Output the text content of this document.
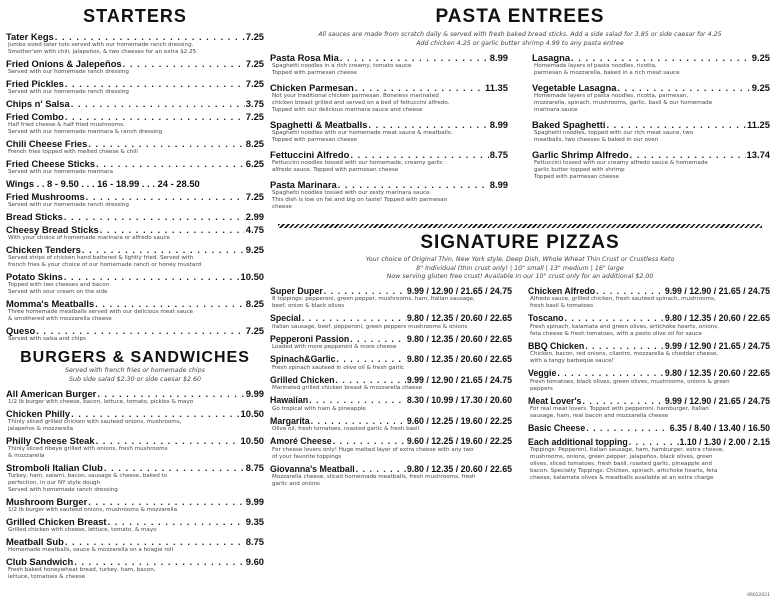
STARTERS
Tater Kegs . . .	7.25
Jumbo sized tater tots served with our homemade ranch dressing.
Smother'em with chili, jalapeños, & two cheeses for an extra $2.25
Fried Onions & Jalepeños . . .	7.25
Served with our homemade ranch dressing
Fried Pickles . . .	7.25
Served with our homemade ranch dressing
Chips n' Salsa . . .	3.75
Fried Combo . . .	7.25
Half fried cheese & half fried mushrooms.
Served with our homemade marinara & ranch dressing
Chili Cheese Fries . . .	8.25
French fries topped with melted cheese & chili
Fried Cheese Sticks . . .	6.25
Served with our homemade marinara
Wings . . 8 - 9.50 . . . 16 - 18.99 . . . 24 - 28.50
Fried Mushrooms . . .	7.25
Served with our homemade ranch dressing
Bread Sticks . . .	2.99
Cheesy Bread Sticks . . .	4.75
With your choice of homemade marinara or alfredo sauce
Chicken Tenders . . .	9.25
Served strips of chicken hand battered & lightly fried. Served with
french fries & your choice of our homemade ranch or honey mustard
Potato Skins . . .	10.50
Topped with two cheeses and bacon
Served with sour cream on the side
Momma's Meatballs . . .	8.25
Three homemade meatballs served with our delicious meat sauce
& smothered with mozzarella cheese
Queso . . .	7.25
Served with salsa and chips
BURGERS & SANDWICHES
Served with french fries or homemade chips
Sub side salad $2.30 or side caesar $2.60
All American Burger . . .	9.99
1/2 lb burger with cheese, bacon, lettuce, tomato, pickles & mayo
Chicken Philly . . .	10.50
Thinly sliced grilled chicken with sauteed onions, mushrooms,
jalapeños & mozzarella
Philly Cheese Steak . . .	10.50
Thinly sliced ribeye grilled with onions, fresh mushrooms
& mozzarella
Stromboli Italian Club . . .	8.75
Turkey, ham, salami, bacon, sausage & cheese, baked to
perfection, in our NY style dough
Served with homemade ranch dressing
Mushroom Burger . . .	9.99
1/2 lb burger with sauteed onions, mushrooms & mozzarella
Grilled Chicken Breast . . .	9.35
Grilled chicken with cheese, lettuce, tomato, & mayo
Meatball Sub . . .	8.75
Homemade meatballs, sauce & mozzarella on a hoagie roll
Club Sandwich . . .	9.60
Fresh baked honeywheat bread, turkey, ham, bacon,
lettuce, tomatoes & cheese
PASTA ENTREES
All sauces are made from scratch daily & served with fresh baked bread sticks. Add a side salad for 3.85 or side caesar for 4.25
Add chicken 4.25 or garlic butter shrimp 4.99 to any pasta entree
Pasta Rosa Mia . . .	8.99
Spaghetti noodles in a rich creamy, tomato sauce
Topped with parmesan cheese
Chicken Parmesan . . .	11.35
Not your traditional chicken parmesan. Boneless marinated
chicken breast grilled and served on a bed of fettuccini alfredo.
Topped with our delicious marinara sauce and cheese
Spaghetti & Meatballs . . .	8.99
Spaghetti noodles with our homemade meat sauce & meatballs.
Topped with parmesan cheese
Fettuccini Alfredo . . .	8.75
Fettuccini noodles tossed with our homemade, creamy garlic
alfredo sauce. Topped with parmesan cheese
Pasta Marinara . . .	8.99
Spaghetti noodles tossed with our zesty marinara sauce.
This dish is low on fat and big on taste! Topped with parmesan
cheese
Lasagna . . .	9.25
Homemade layers of pasta noodles, ricotta,
parmesan & mozzarella, baked in a rich meat sauce
Vegetable Lasagna . . .	9.25
Homemade layers of pasta noodles, ricotta, parmesan,
mozzarella, spinach, mushrooms, garlic, basil & our homemade
marinara sauce
Baked Spaghetti . . .	11.25
Spaghetti noodles, topped with our rich meat sauce, two
meatballs, two cheeses & baked in our oven
Garlic Shrimp Alfredo . . .	13.74
Fettuccini tossed with our creamy alfredo sauce & homemade
garlic butter topped with shrimp
Topped with parmesan cheese
SIGNATURE PIZZAS
Your choice of Original Thin, New York style, Deep Dish, Whole Wheat Thin Crust or Crustless Keto
8" Individual (thin crust only) | 10" small | 13" medium | 16" large
Now serving gluten free crust! Available in our 10" crust only for an additional $2.00
Super Duper . . .	9.99 / 12.90 / 21.65 / 24.75
8 toppings: pepperoni, green pepper, mushrooms, ham, Italian sausage,
beef, onion & black olives
Special . . .	9.80 / 12.35 / 20.60 / 22.65
Italian sausage, beef, pepperoni, green peppers mushrooms & onions
Pepperoni Passion . . .	9.80 / 12.35 / 20.60 / 22.65
Loaded with more pepperoni & more cheese
Spinach&Garlic . . .	9.80 / 12.35 / 20.60 / 22.65
Fresh spinach sauteed in olive oil & fresh garlic
Grilled Chicken . . .	9.99 / 12.90 / 21.65 / 24.75
Marinated grilled chicken breast & mozzarella cheese
Hawaiian . . .	8.30 / 10.99 / 17.30 / 20.60
Go tropical with ham & pineapple
Margarita . . .	9.60 / 12.25 / 19.60 / 22.25
Olive oil, fresh tomatoes, roasted garlic & fresh basil
Amoré Cheese . . .	9.60 / 12.25 / 19.60 / 22.25
For cheese lovers only! Huge melted layer of extra cheese with any two
of your favorite toppings
Giovanna's Meatball . . .	9.80 / 12.35 / 20.60 / 22.65
Mozzarella cheese, sliced homemade meatballs, fresh mushrooms, fresh
garlic and onions
Chicken Alfredo . . .	9.99 / 12.90 / 21.65 / 24.75
Alfredo sauce, grilled chicken, fresh sautéed spinach, mushrooms,
fresh basil & tomatoes
Toscano . . .	9.80 / 12.35 / 20.60 / 22.65
Fresh spinach, kalamata and green olives, artichoke hearts, onions,
feta cheese & fresh tomatoes, with a pesto olive oil for sauce
BBQ Chicken . . .	9.99 / 12.90 / 21.65 / 24.75
Chicken, bacon, red onions, cilantro, mozzarella & cheddar cheese,
with a tangy barbeque sauce!
Veggie . . .	9.80 / 12.35 / 20.60 / 22.65
Fresh tomatoes, black olives, green olives, mushrooms, onions & green
peppers
Meat Lover's . . .	9.99 / 12.90 / 21.65 / 24.75
For real meat lovers. Topped with pepperoni, hamburger, Italian
sausage, ham, real bacon and mozzarella cheese
Basic Cheese . . .	6.35 / 8.40 / 13.40 / 16.50
Each additional topping . . .	1.10 / 1.30 / 2.00 / 2.15
Toppings: Pepperoni, Italian sausage, ham, hamburger, extra cheese,
mushrooms, onions, green pepper, jalapeños, black olives, green
olives, sliced tomatoes, fresh basil, roasted garlic, pineapple and
bacon. Specialty Toppings: Chicken, spinach, artichoke hearts, feta
cheese, kalamata olives & meatballs available at an extra charge
06012021
